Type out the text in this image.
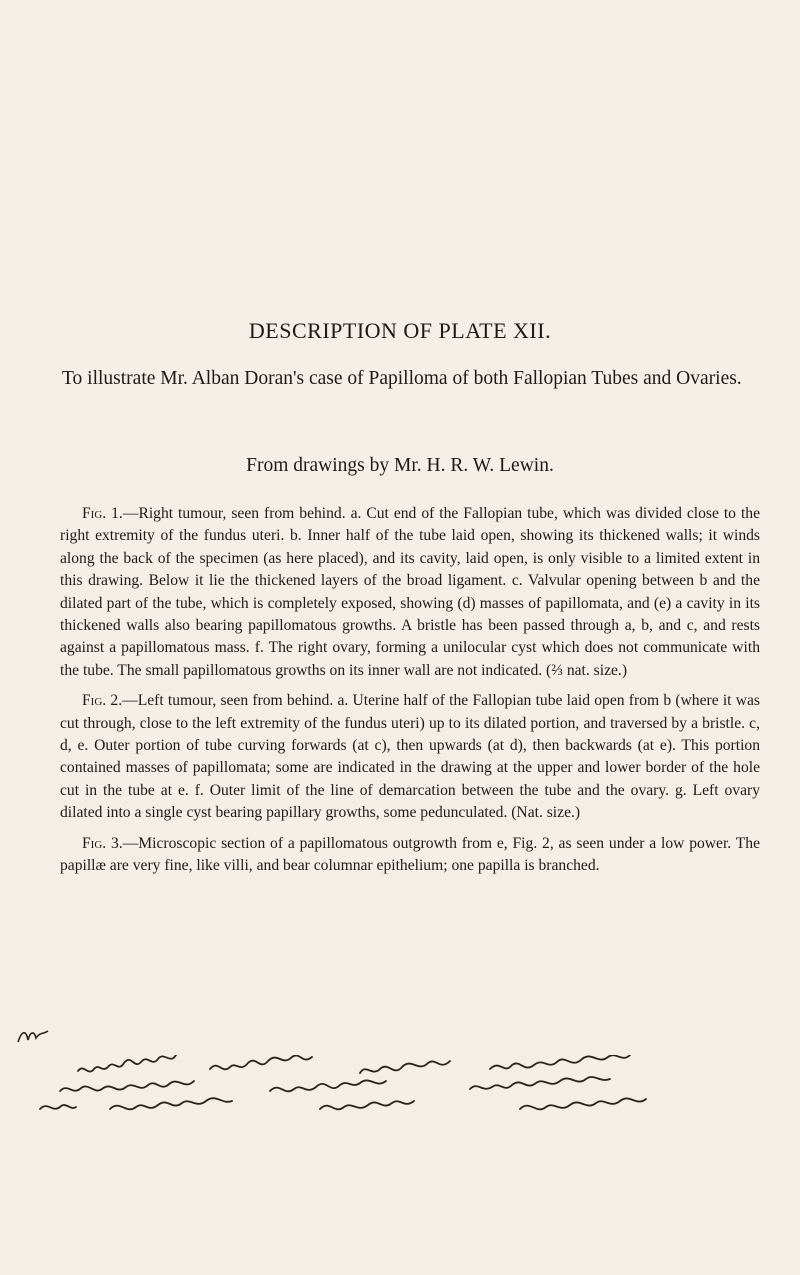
DESCRIPTION OF PLATE XII.
To illustrate Mr. Alban Doran's case of Papilloma of both Fallopian Tubes and Ovaries.
From drawings by Mr. H. R. W. Lewin.

Fig. 1.—Right tumour, seen from behind. a. Cut end of the Fallopian tube, which was divided close to the right extremity of the fundus uteri. b. Inner half of the tube laid open, showing its thickened walls; it winds along the back of the specimen (as here placed), and its cavity, laid open, is only visible to a limited extent in this drawing. Below it lie the thickened layers of the broad ligament. c. Valvular opening between b and the dilated part of the tube, which is completely exposed, showing (d) masses of papillomata, and (e) a cavity in its thickened walls also bearing papillomatous growths. A bristle has been passed through a, b, and c, and rests against a papillomatous mass. f. The right ovary, forming a unilocular cyst which does not communicate with the tube. The small papillomatous growths on its inner wall are not indicated. (⅔ nat. size.)

Fig. 2.—Left tumour, seen from behind. a. Uterine half of the Fallopian tube laid open from b (where it was cut through, close to the left extremity of the fundus uteri) up to its dilated portion, and traversed by a bristle. c, d, e. Outer portion of tube curving forwards (at c), then upwards (at d), then backwards (at e). This portion contained masses of papillomata; some are indicated in the drawing at the upper and lower border of the hole cut in the tube at e. f. Outer limit of the line of demarcation between the tube and the ovary. g. Left ovary dilated into a single cyst bearing papillary growths, some pedunculated. (Nat. size.)

Fig. 3.—Microscopic section of a papillomatous outgrowth from e, Fig. 2, as seen under a low power. The papillæ are very fine, like villi, and bear columnar epithelium; one papilla is branched.
